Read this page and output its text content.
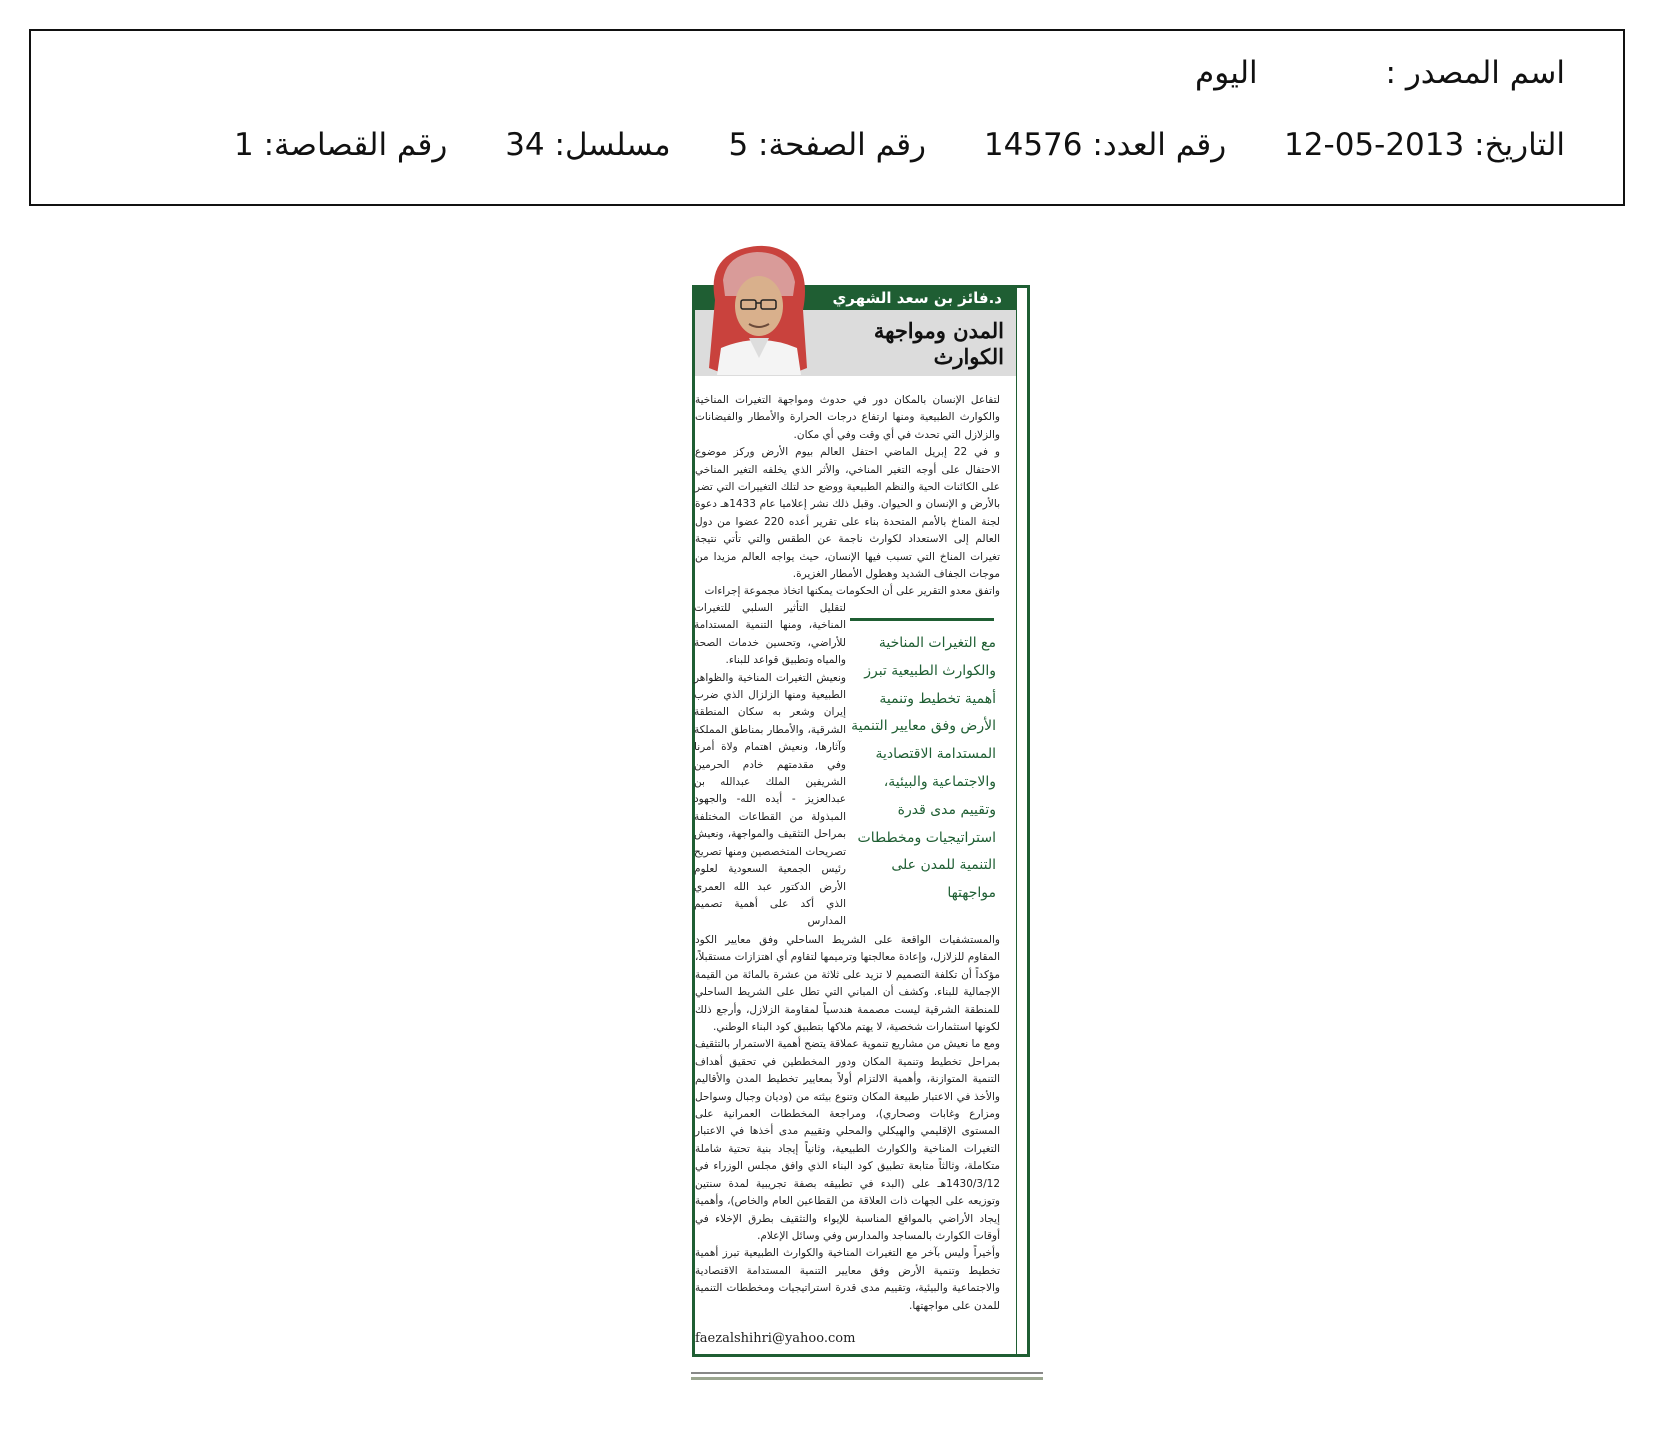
اسم المصدر : اليوم
التاريخ: 2013-05-12 رقم العدد: 14576 رقم الصفحة: 5 مسلسل: 34 رقم القصاصة: 1
د.فائز بن سعد الشهري
المدن ومواجهة الكوارث

لتفاعل الإنسان بالمكان دور في حدوث ومواجهة التغيرات المناخية والكوارث الطبيعية ومنها ارتفاع درجات الحرارة والأمطار والفيضانات والزلازل التي تحدث في أي وقت وفي أي مكان.

و في 22 إبريل الماضي احتفل العالم بيوم الأرض وركز موضوع الاحتفال على أوجه التغير المناخي، والأثر الذي يخلفه التغير المناخي على الكائنات الحية والنظم الطبيعية ووضع حد لتلك التغييرات التي تضر بالأرض و الإنسان و الحيوان. وقبل ذلك نشر إعلاميا عام 1433هـ دعوة لجنة المناخ بالأمم المتحدة بناء على تقرير أعده 220 عضوا من دول العالم إلى الاستعداد لكوارث ناجمة عن الطقس والتي تأتي نتيجة تغيرات المناخ التي تسبب فيها الإنسان، حيث يواجه العالم مزيدا من موجات الجفاف الشديد وهطول الأمطار الغزيرة.

واتفق معدو التقرير على أن الحكومات يمكنها اتخاذ مجموعة إجراءات

لتقليل التأثير السلبي للتغيرات المناخية، ومنها التنمية المستدامة للأراضي، وتحسين خدمات الصحة والمياه وتطبيق قواعد للبناء.

ونعيش التغيرات المناخية والظواهر الطبيعية ومنها الزلزال الذي ضرب إيران وشعر به سكان المنطقة الشرقية، والأمطار بمناطق المملكة وآثارها، ونعيش اهتمام ولاة أمرنا وفي مقدمتهم خادم الحرمين الشريفين الملك عبدالله بن عبدالعزيز - أيده الله- والجهود المبذولة من القطاعات المختلفة بمراحل التثقيف والمواجهة، ونعيش تصريحات المتخصصين ومنها تصريح رئيس الجمعية السعودية لعلوم الأرض الدكتور عبد الله العمري الذي أكد على أهمية تصميم المدارس

مع التغيرات المناخية والكوارث الطبيعية تبرز أهمية تخطيط وتنمية الأرض وفق معايير التنمية المستدامة الاقتصادية والاجتماعية والبيئية، وتقييم مدى قدرة استراتيجيات ومخططات التنمية للمدن على مواجهتها

والمستشفيات الواقعة على الشريط الساحلي وفق معايير الكود المقاوم للزلازل، وإعادة معالجتها وترميمها لتقاوم أي اهتزازات مستقبلاً، مؤكداً أن تكلفة التصميم لا تزيد على ثلاثة من عشرة بالمائة من القيمة الإجمالية للبناء. وكشف أن المباني التي تطل على الشريط الساحلي للمنطقة الشرقية ليست مصممة هندسياً لمقاومة الزلازل، وأرجع ذلك لكونها استثمارات شخصية، لا يهتم ملاكها بتطبيق كود البناء الوطني.

ومع ما نعيش من مشاريع تنموية عملاقة يتضح أهمية الاستمرار بالتثقيف بمراحل تخطيط وتنمية المكان ودور المخططين في تحقيق أهداف التنمية المتوازنة، وأهمية الالتزام أولاً بمعايير تخطيط المدن والأقاليم والأخذ في الاعتبار طبيعة المكان وتنوع بيئته من (وديان وجبال وسواحل ومزارع وغابات وصحاري)، ومراجعة المخططات العمرانية على المستوى الإقليمي والهيكلي والمحلي وتقييم مدى أخذها في الاعتبار التغيرات المناخية والكوارث الطبيعية، وثانياً إيجاد بنية تحتية شاملة متكاملة، وثالثاً متابعة تطبيق كود البناء الذي وافق مجلس الوزراء في 1430/3/12هـ على (البدء في تطبيقه بصفة تجريبية لمدة سنتين وتوزيعه على الجهات ذات العلاقة من القطاعين العام والخاص)، وأهمية إيجاد الأراضي بالمواقع المناسبة للإيواء والتثقيف بطرق الإخلاء في أوقات الكوارث بالمساجد والمدارس وفي وسائل الإعلام.

وأخيراً وليس بآخر مع التغيرات المناخية والكوارث الطبيعية تبرز أهمية تخطيط وتنمية الأرض وفق معايير التنمية المستدامة الاقتصادية والاجتماعية والبيئية، وتقييم مدى قدرة استراتيجيات ومخططات التنمية للمدن على مواجهتها.

faezalshihri@yahoo.com
